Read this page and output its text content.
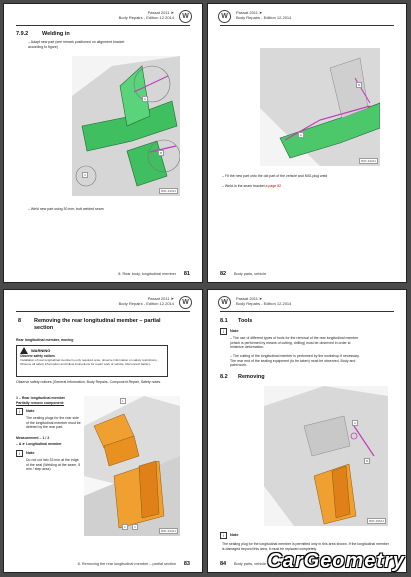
Passat 2011 ➤
Body Repairs - Edition 12.2014	W
7.9.2	Welding in
– Adapt new part (see remark positioned on alignment bracket according to figure)
A
B
C
B0K-39331
– Weld new part using 30 mm, butt welded seam
8. Rear body, longitudinal member 81
W
Passat 2011 ➤
Body Repairs - Edition 12.2014
A
B
B0K-39241
– Fit the new part onto the old part of the vehicle and MIG-plug weld
– Weld-in the seam bracket a page 82
82 Body parts, vehicle
Passat 2011 ➤
Body Repairs - Edition 12.2014	W
8 Removing the rear longitudinal member – partial section
Rear longitudinal member, moving
WARNING
Observe safety notices
Installation of rear longitudinal member is only required once, observe information on safety restrictions. Observe all safety information and follow instructions for repair work of vehicle. Disconnect battery.
Observe safety notices (General Information, Body Repairs, Component Repair, Safety notes.
1 – Rear longitudinal member
Partially remove component:
i	Note
The sealing plugs for the rear side of the longitudinal member must be deleted by the rear part.
Measurement – 1 / 2
– A ➤ Longitudinal member
i	Note
Do not cut into 33 mm at the edge of the seal (Welding at the seam, 5 mm / step area).
1
2	3
B0K-39421
8. Removing the rear longitudinal member – partial section 83
W
Passat 2011 ➤
Body Repairs - Edition 12.2014
8.1 Tools
i	Note
– The use of different types of tools for the removal of the rear longitudinal member (which is performed by means of cutting, drilling) must be observed in order to minimize deformation.
– The cutting of the longitudinal member is performed by the workshop if necessary. The rear end of the sealing equipment (to be taken) must be observed. Body and paint work.
8.2 Removing
A
B
B0K-39512
i	Note
The sealing plug for the longitudinal member is permitted only in this area shown. If the longitudinal member is damaged beyond this area, it must be replaced completely.
84 Body parts, vehicle CarGeometry
